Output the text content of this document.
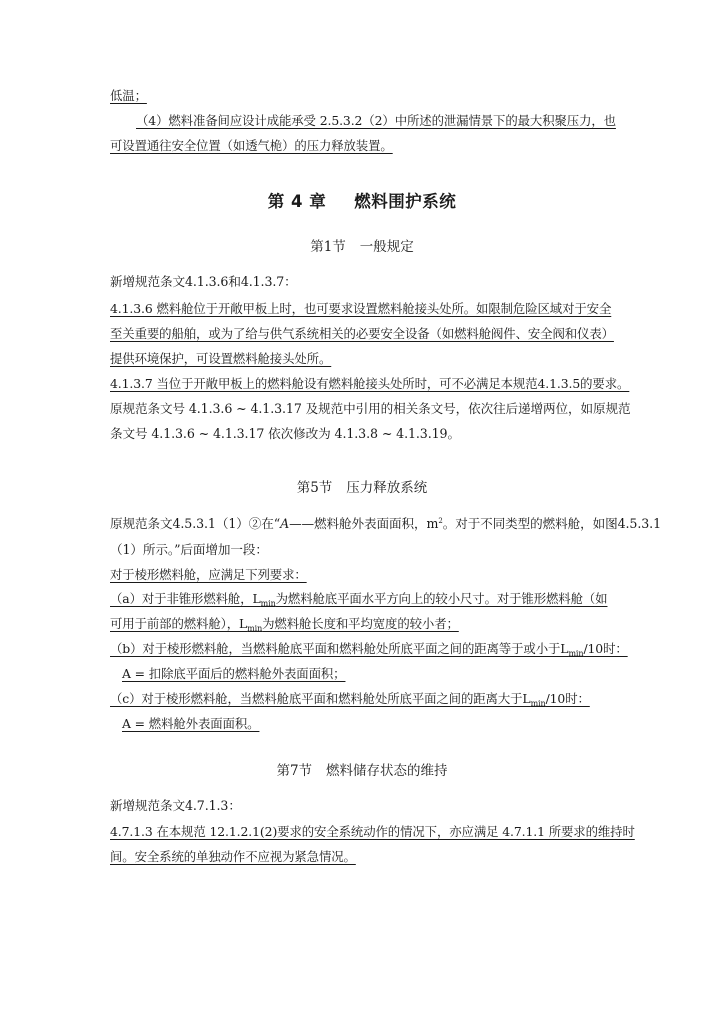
低温；
（4）燃料准备间应设计成能承受 2.5.3.2（2）中所述的泄漏情景下的最大积聚压力，也
可设置通往安全位置（如透气桅）的压力释放装置。
第 4 章 燃料围护系统
第1节 一般规定
新增规范条文4.1.3.6和4.1.3.7：
4.1.3.6 燃料舱位于开敞甲板上时，也可要求设置燃料舱接头处所。如限制危险区域对于安全
至关重要的船舶，或为了给与供气系统相关的必要安全设备（如燃料舱阀件、安全阀和仪表）
提供环境保护，可设置燃料舱接头处所。
4.1.3.7 当位于开敞甲板上的燃料舱设有燃料舱接头处所时，可不必满足本规范4.1.3.5的要求。
原规范条文号 4.1.3.6 ~ 4.1.3.17 及规范中引用的相关条文号，依次往后递增两位，如原规范
条文号 4.1.3.6 ~ 4.1.3.17 依次修改为 4.1.3.8 ~ 4.1.3.19。
第5节 压力释放系统
原规范条文4.5.3.1（1）②在“A——燃料舱外表面面积，$m^2$。对于不同类型的燃料舱，如图4.5.3.1
（1）所示。”后面增加一段：
对于棱形燃料舱，应满足下列要求：
（a）对于非锥形燃料舱，$L_{min}$为燃料舱底平面水平方向上的较小尺寸。对于锥形燃料舱（如
可用于前部的燃料舱），$L_{min}$为燃料舱长度和平均宽度的较小者；
（b）对于棱形燃料舱，当燃料舱底平面和燃料舱处所底平面之间的距离等于或小于$L_{min}/10$时：
A = 扣除底平面后的燃料舱外表面面积；
（c）对于棱形燃料舱，当燃料舱底平面和燃料舱处所底平面之间的距离大于$L_{min}/10$时：
A = 燃料舱外表面面积。
第7节 燃料储存状态的维持
新增规范条文4.7.1.3：
4.7.1.3 在本规范 12.1.2.1(2)要求的安全系统动作的情况下，亦应满足 4.7.1.1 所要求的维持时
间。安全系统的单独动作不应视为紧急情况。
